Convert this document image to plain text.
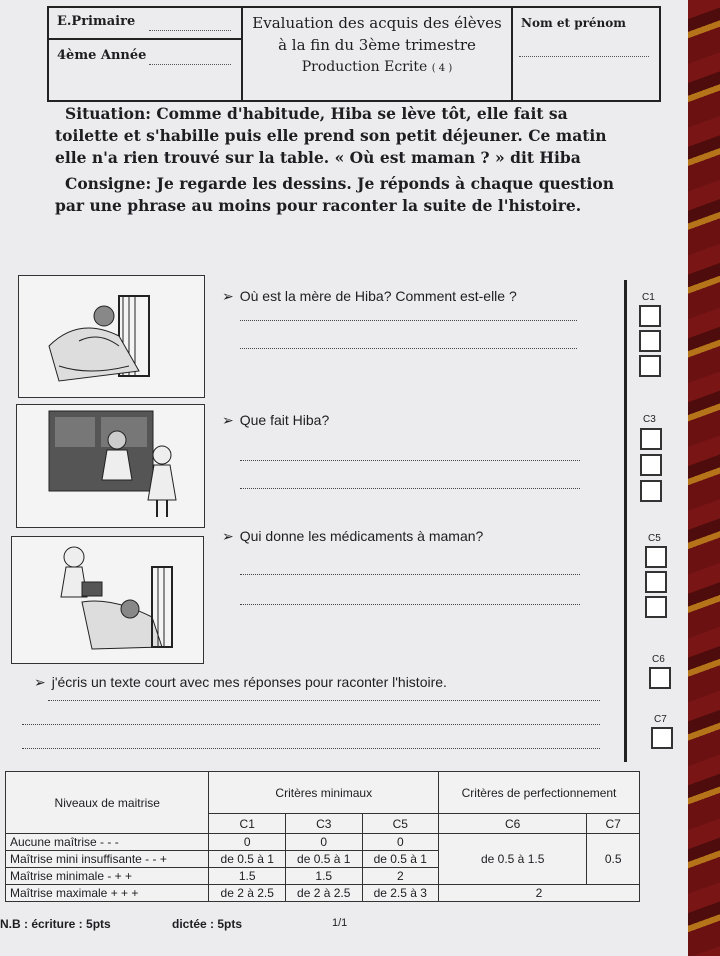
E.Primaire
4ème Année
Evaluation des acquis des élèves
à la fin du 3ème trimestre
Production Ecrite ( 4 )
Nom et prénom

Situation: Comme d'habitude, Hiba se lève tôt, elle fait sa toilette et s'habille puis elle prend son petit déjeuner. Ce matin elle n'a rien trouvé sur la table. « Où est maman ? » dit Hiba

Consigne: Je regarde les dessins. Je réponds à chaque question par une phrase au moins pour raconter la suite de l'histoire.

➢ Où est la mère de Hiba? Comment est-elle ?
➢ Que fait Hiba?
➢ Qui donne les médicaments à maman?
➢ j'écris un texte court avec mes réponses pour raconter l'histoire.
C1
C3
C5
C6
C7
Niveaux de maitrise	Critères minimaux			Critères de perfectionnement	
	C1	C3	C5	C6	C7
Aucune maîtrise - - -	0	0	0	de 0.5 à 1.5	0.5
Maîtrise mini insuffisante - - +	de 0.5 à 1	de 0.5 à 1	de 0.5 à 1		
Maîtrise minimale - + +	1.5	1.5	2		
Maîtrise maximale + + +	de 2 à 2.5	de 2 à 2.5	de 2.5 à 3	2	
N.B : écriture : 5pts	dictée : 5pts	1/1
